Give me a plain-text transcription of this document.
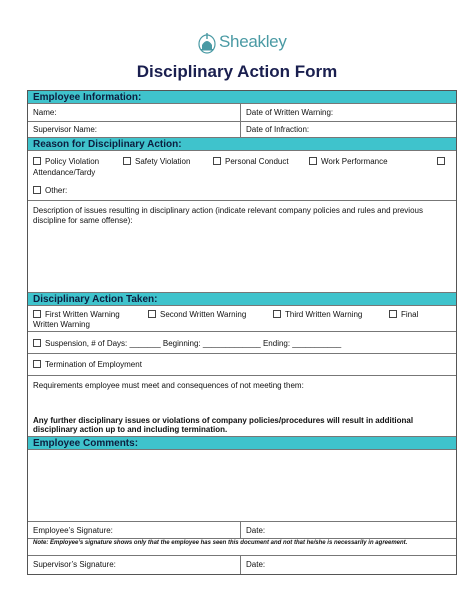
Sheakley
Disciplinary Action Form
Employee Information:
Name:	Date of Written Warning:
Supervisor Name:	Date of Infraction:
Reason for Disciplinary Action:
Policy Violation	Safety Violation	Personal Conduct	Work Performance
Attendance/Tardy
Other:
Description of issues resulting in disciplinary action (indicate relevant company policies and rules and previous discipline for same offense):
Disciplinary Action Taken:
First Written Warning	Second Written Warning	Third Written Warning	Final
Written Warning
Suspension, # of Days: _______ Beginning: _____________ Ending: ___________
Termination of Employment
Requirements employee must meet and consequences of not meeting them:
Any further disciplinary issues or violations of company policies/procedures will result in additional disciplinary action up to and including termination.
Employee Comments:
Employee’s Signature:	Date:
Note: Employee’s signature shows only that the employee has seen this document and not that he/she is necessarily in agreement.
Supervisor’s Signature:	Date:
